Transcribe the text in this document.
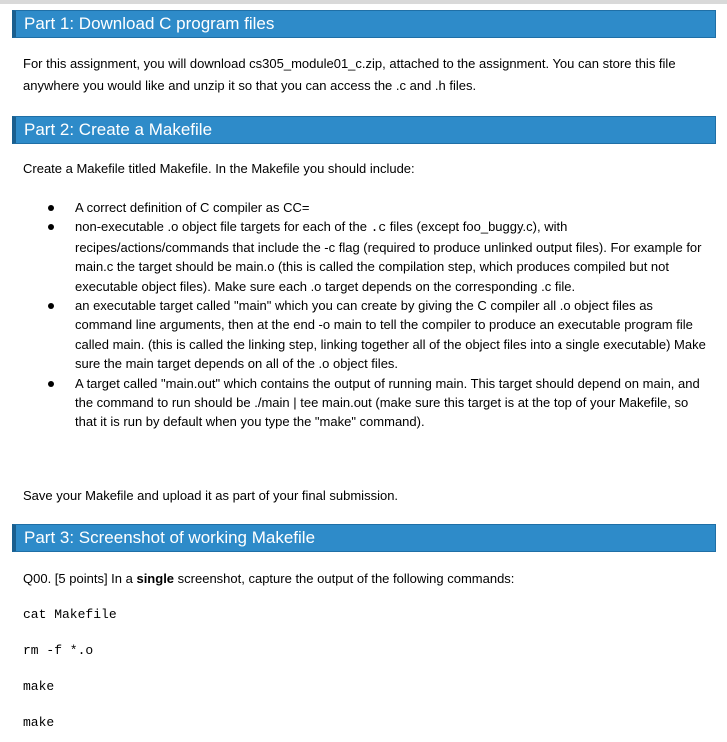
Part 1: Download C program files
For this assignment, you will download cs305_module01_c.zip, attached to the assignment. You can store this file anywhere you would like and unzip it so that you can access the .c and .h files.
Part 2: Create a Makefile
Create a Makefile titled Makefile. In the Makefile you should include:
A correct definition of C compiler as CC=
non-executable .o object file targets for each of the .c files (except foo_buggy.c), with recipes/actions/commands that include the -c flag (required to produce unlinked output files). For example for main.c the target should be main.o (this is called the compilation step, which produces compiled but not executable object files). Make sure each .o target depends on the corresponding .c file.
an executable target called "main" which you can create by giving the C compiler all .o object files as command line arguments, then at the end -o main to tell the compiler to produce an executable program file called main. (this is called the linking step, linking together all of the object files into a single executable) Make sure the main target depends on all of the .o object files.
A target called "main.out" which contains the output of running main. This target should depend on main, and the command to run should be ./main | tee main.out (make sure this target is at the top of your Makefile, so that it is run by default when you type the "make" command).
Save your Makefile and upload it as part of your final submission.
Part 3: Screenshot of working Makefile
Q00. [5 points] In a single screenshot, capture the output of the following commands:
cat Makefile
rm -f *.o
make
make
